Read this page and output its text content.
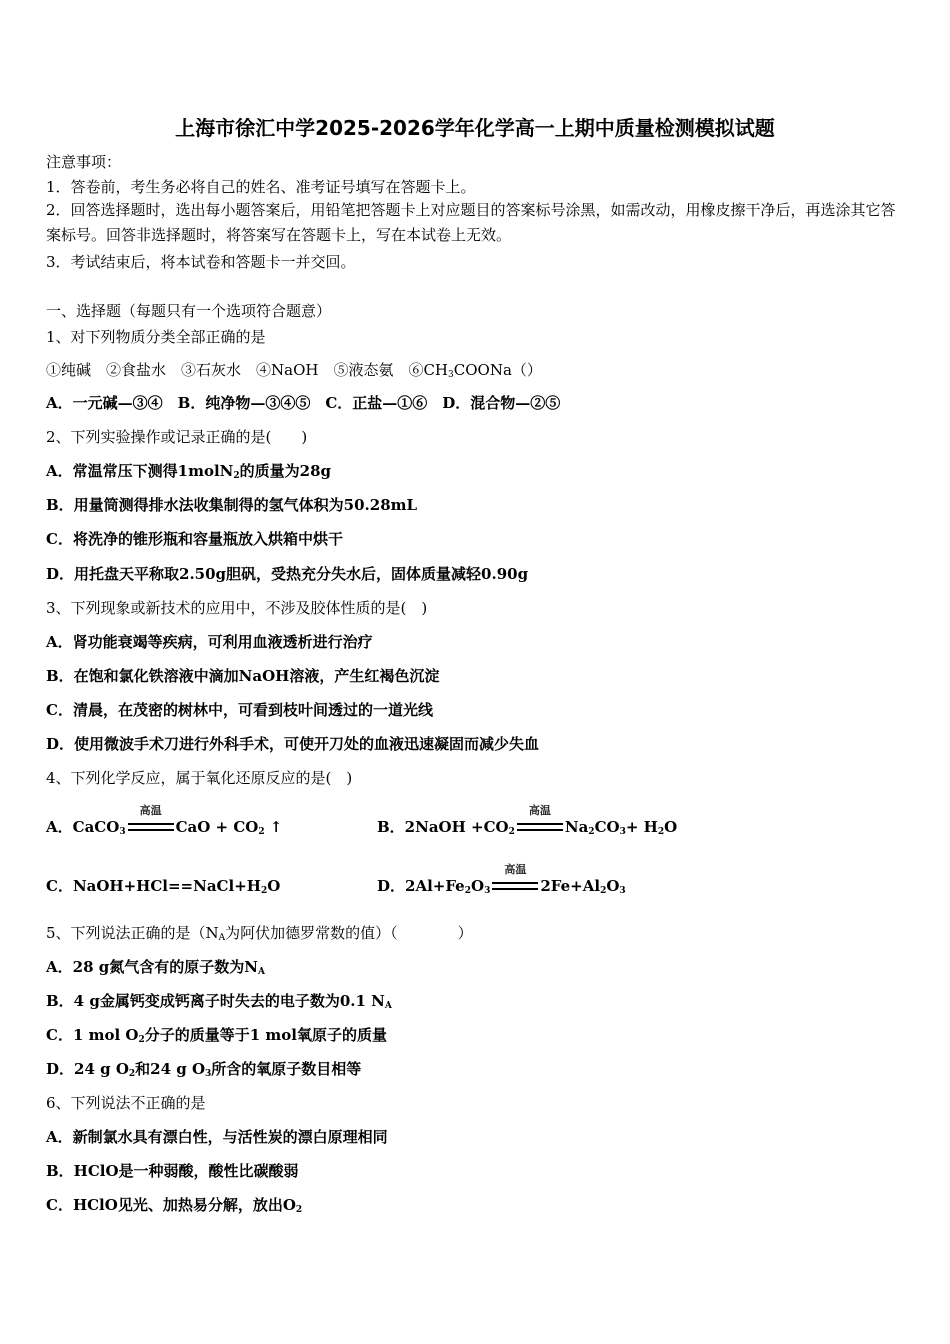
上海市徐汇中学2025-2026学年化学高一上期中质量检测模拟试题
注意事项：
1．答卷前，考生务必将自己的姓名、准考证号填写在答题卡上。
2．回答选择题时，选出每小题答案后，用铅笔把答题卡上对应题目的答案标号涂黑，如需改动，用橡皮擦干净后，再选涂其它答案标号。回答非选择题时，将答案写在答题卡上，写在本试卷上无效。
3．考试结束后，将本试卷和答题卡一并交回。
一、选择题（每题只有一个选项符合题意）
1、对下列物质分类全部正确的是
①纯碱　②食盐水　③石灰水　④NaOH　⑤液态氨　$⑥CH_3COONa()$
A．一元碱—③④　B．纯净物—③④⑤　C．正盐—①⑥　D．混合物—②⑤
2、下列实验操作或记录正确的是(　　)
A．常温常压下测得1molN$_2$的质量为28g
B．用量筒测得排水法收集制得的氢气体积为50.28mL
C．将洗净的锥形瓶和容量瓶放入烘箱中烘干
D．用托盘天平称取2.50g胆矾，受热充分失水后，固体质量减轻0.90g
3、下列现象或新技术的应用中，不涉及胶体性质的是(　)
A．肾功能衰竭等疾病，可利用血液透析进行治疗
B．在饱和氯化铁溶液中滴加NaOH溶液，产生红褐色沉淀
C．清晨，在茂密的树林中，可看到枝叶间透过的一道光线
D．使用微波手术刀进行外科手术，可使开刀处的血液迅速凝固而减少失血
4、下列化学反应，属于氧化还原反应的是(　)
A．CaCO$_3$
高温
CaO + $CO_2$ ↑	B．2NaOH $+CO_2$
高温
$Na_2CO_3+ H_2O$
C．$NaOH+HCl==NaCl+H_2O$	D．$2Al+Fe_2O_3$
高温
$2Fe+Al_2O_3$
5、下列说法正确的是（$N_A$为阿伏加德罗常数的值）（　　　　）
A．28 g氮气含有的原子数为$N_A$
B．4 g金属钙变成钙离子时失去的电子数为0.1 $N_A$
C．1 mol $O_2$分子的质量等于1 mol氧原子的质量
D．24 g $O_2$和24 g $O_3$所含的氧原子数目相等
6、下列说法不正确的是
A．新制氯水具有漂白性，与活性炭的漂白原理相同
B．HClO是一种弱酸，酸性比碳酸弱
C．HClO见光、加热易分解，放出$O_2$
